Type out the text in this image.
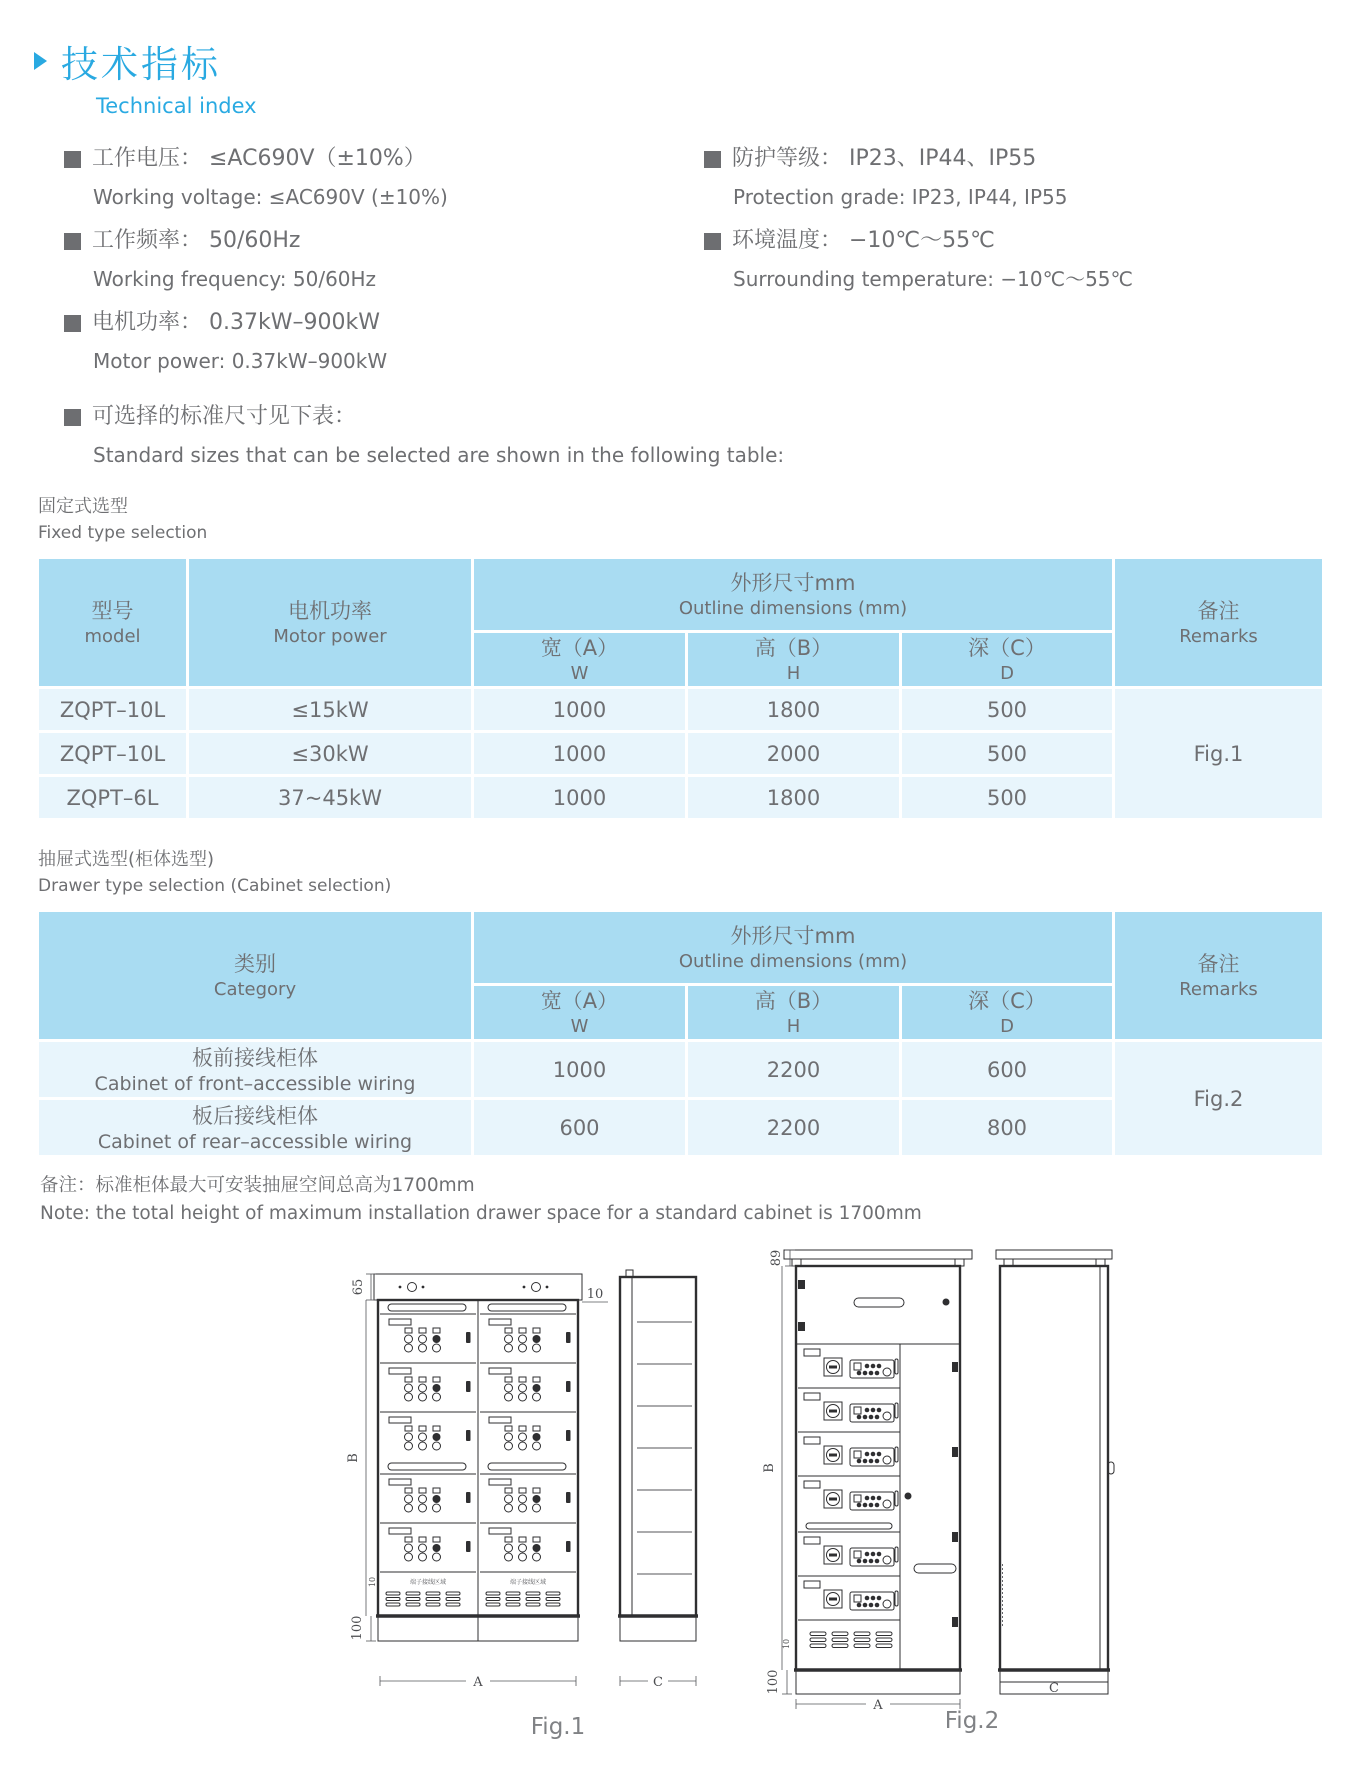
技术指标
Technical index
工作电压： ≤AC690V（±10%）
Working voltage: ≤AC690V (±10%)
工作频率： 50/60Hz
Working frequency: 50/60Hz
电机功率： 0.37kW–900kW
Motor power: 0.37kW–900kW
防护等级： IP23、IP44、IP55
Protection grade: IP23, IP44, IP55
环境温度： −10℃～55℃
Surrounding temperature: −10℃～55℃
可选择的标准尺寸见下表：
Standard sizes that can be selected are shown in the following table:
固定式选型
Fixed type selection
型号
model

电机功率
Motor power

外形尺寸mm
Outline dimensions (mm)	备注
Remarks

宽（A）
W

高（B）
H

深（C）
D

ZQPT–10L	≤15kW	1000	1800	500	Fig.1
ZQPT–10L	≤30kW	1000	2000	500	
ZQPT–6L	37~45kW	1000	1800	500	
抽屉式选型(柜体选型)
Drawer type selection (Cabinet selection)
类别
Category

外形尺寸mm
Outline dimensions (mm)	备注
Remarks

宽（A）
W

高（B）
H

深（C）
D

板前接线柜体
Cabinet of front–accessible wiring	1000	2200	600	Fig.2

板后接线柜体
Cabinet of rear–accessible wiring	600	2200	800	
备注：标准柜体最大可安装抽屉空间总高为1700mm
Note: the total height of maximum installation drawer space for a standard cabinet is 1700mm
端子接线区域	端子接线区域
65
B
10
100
10
A	C
Fig.1
C
89
B
10
100
A
Fig.2
